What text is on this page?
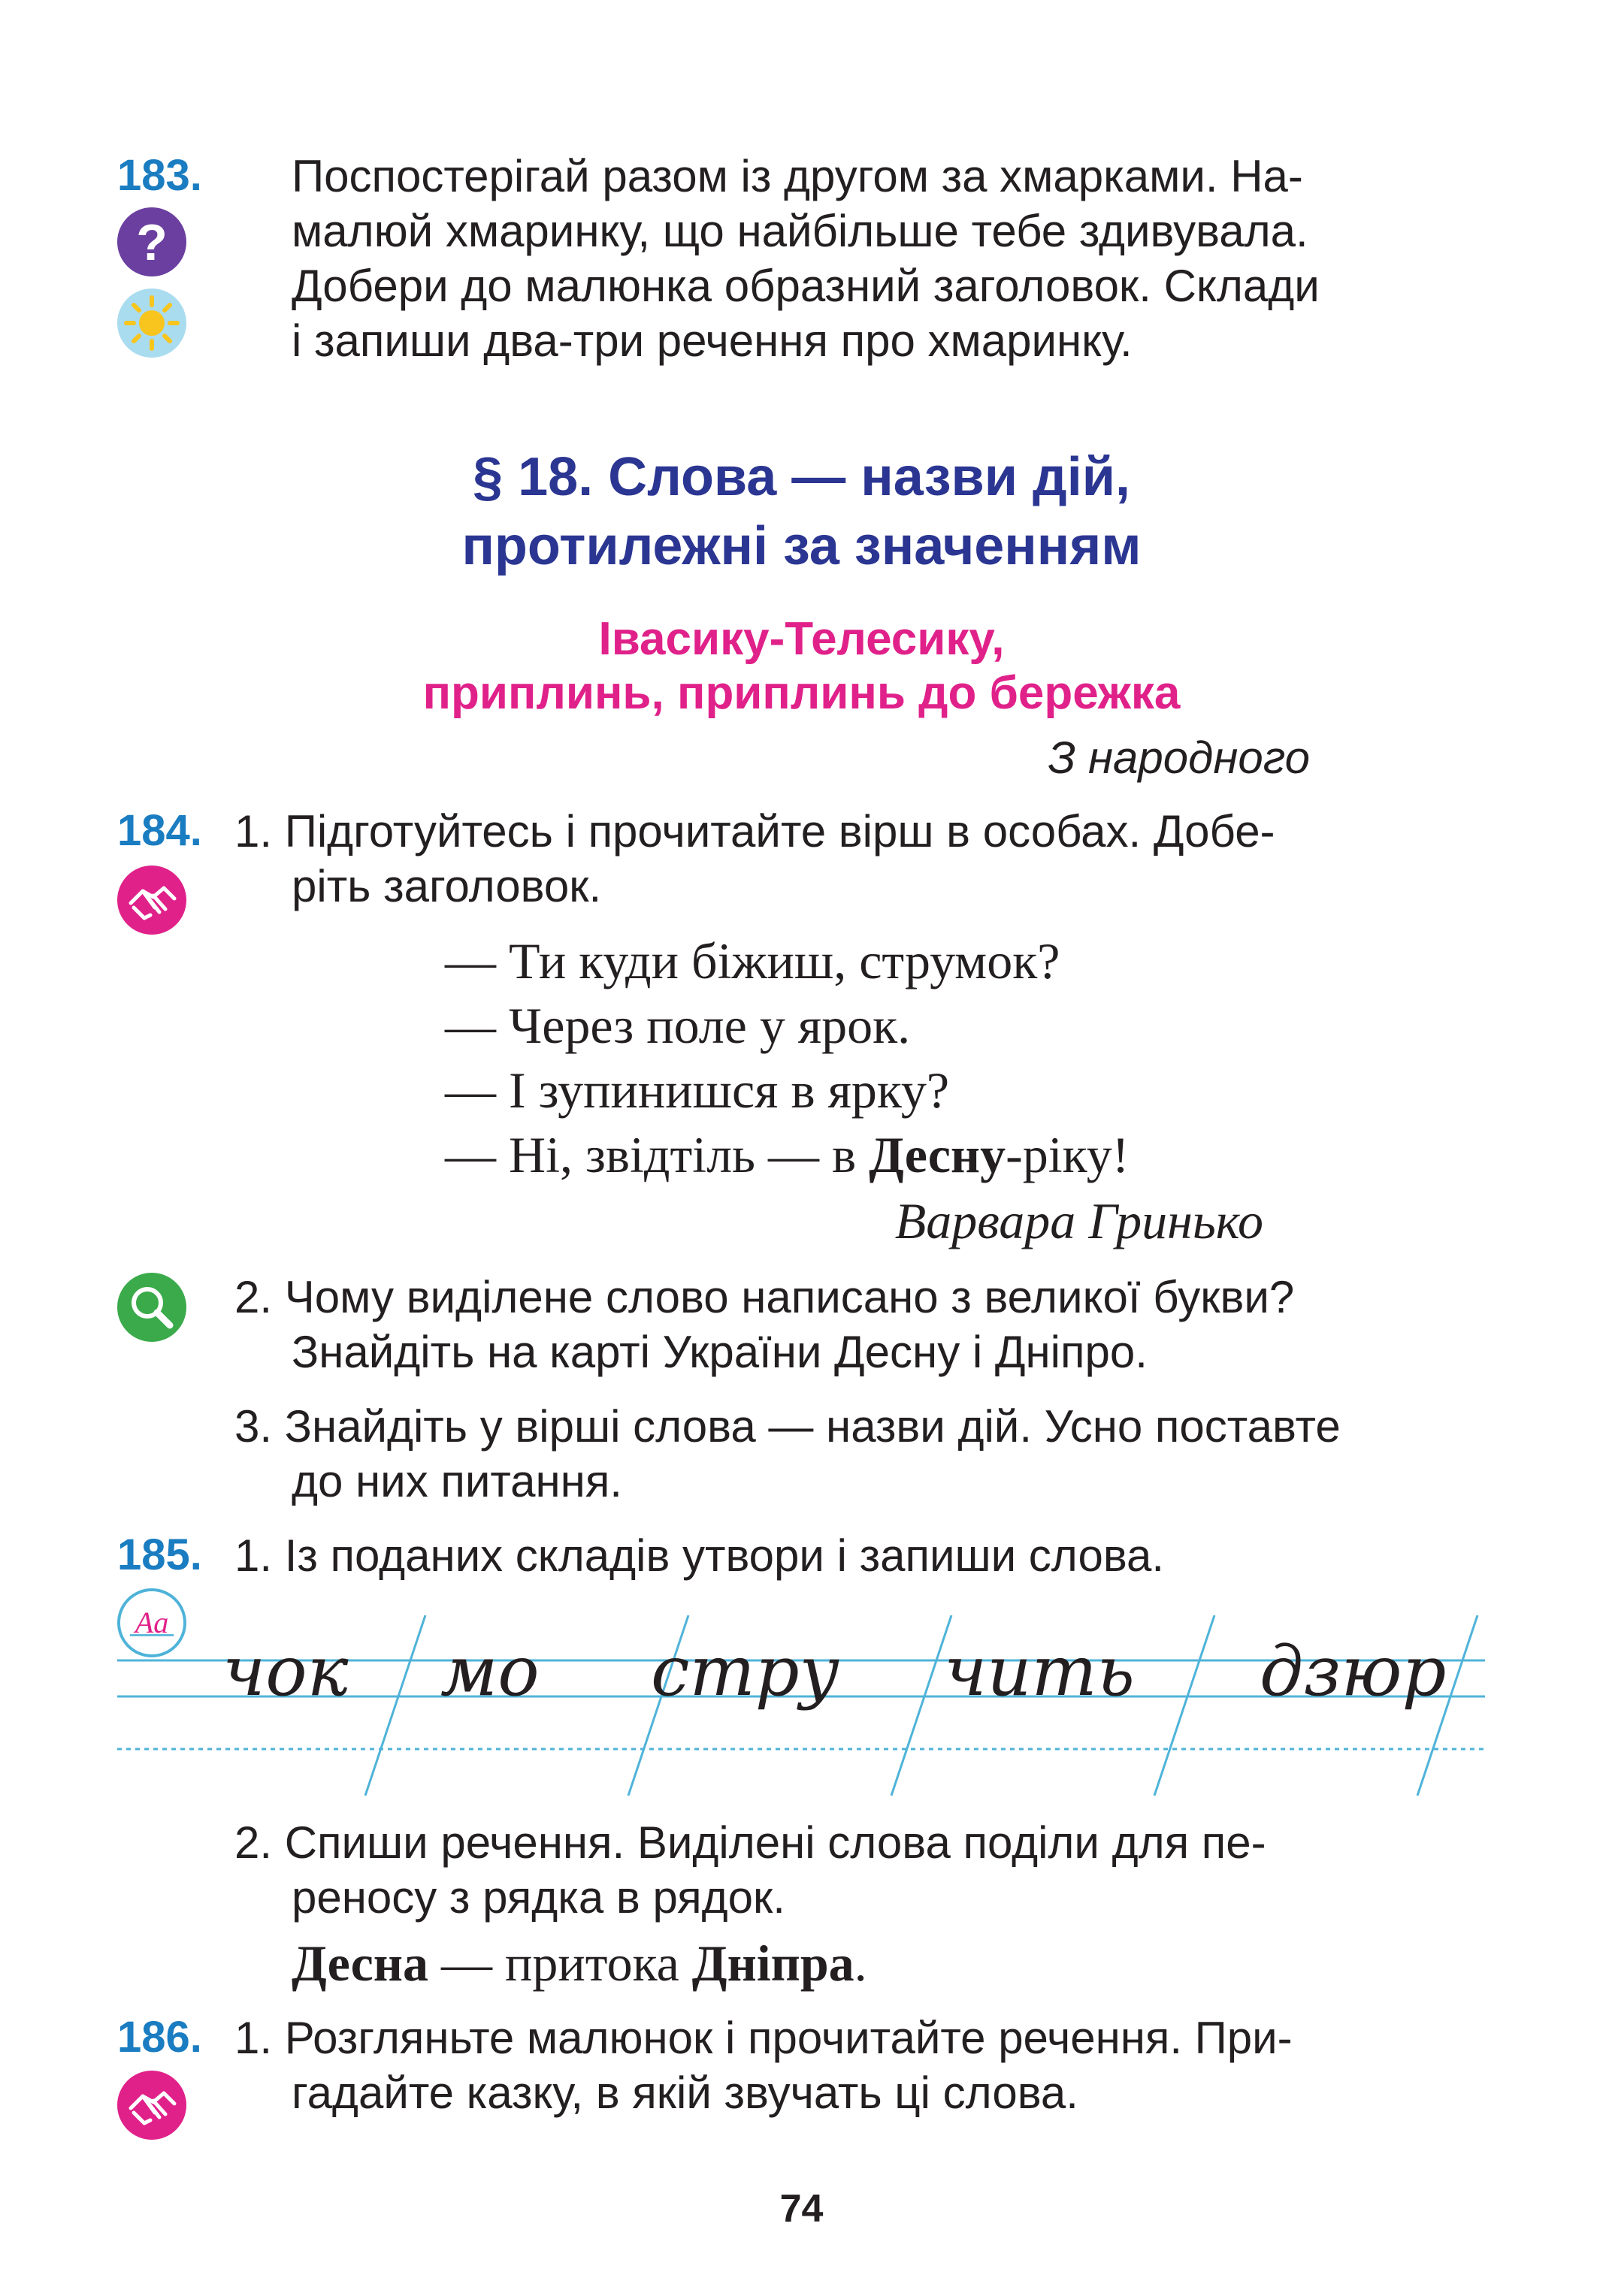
183.
?
Поспостерігай разом із другом за хмарками. На-
малюй хмаринку, що найбільше тебе здивувала.
Добери до малюнка образний заголовок. Склади
і запиши два-три речення про хмаринку.
§ 18. Слова — назви дій,
протилежні за значенням
Івасику-Телесику,
приплинь, приплинь до бережка
З народного
184. 1. Підготуйтесь і прочитайте вірш в особах. Добе-
ріть заголовок.
— Ти куди біжиш, струмок?
— Через поле у ярок.
— І зупинишся в ярку?
— Ні, звідтіль — в Десну-ріку!
Варвара Гринько
2. Чому виділене слово написано з великої букви?
Знайдіть на карті України Десну і Дніпро.
3. Знайдіть у вірші слова — назви дій. Усно поставте
до них питання.
185. 1. Із поданих складів утвори і запиши слова.
Aa
чок мо стру чить дзюр
2. Спиши речення. Виділені слова поділи для пе-
реносу з рядка в рядок.
Десна — притока Дніпра.
186. 1. Розгляньте малюнок і прочитайте речення. При-
гадайте казку, в якій звучать ці слова.
74
